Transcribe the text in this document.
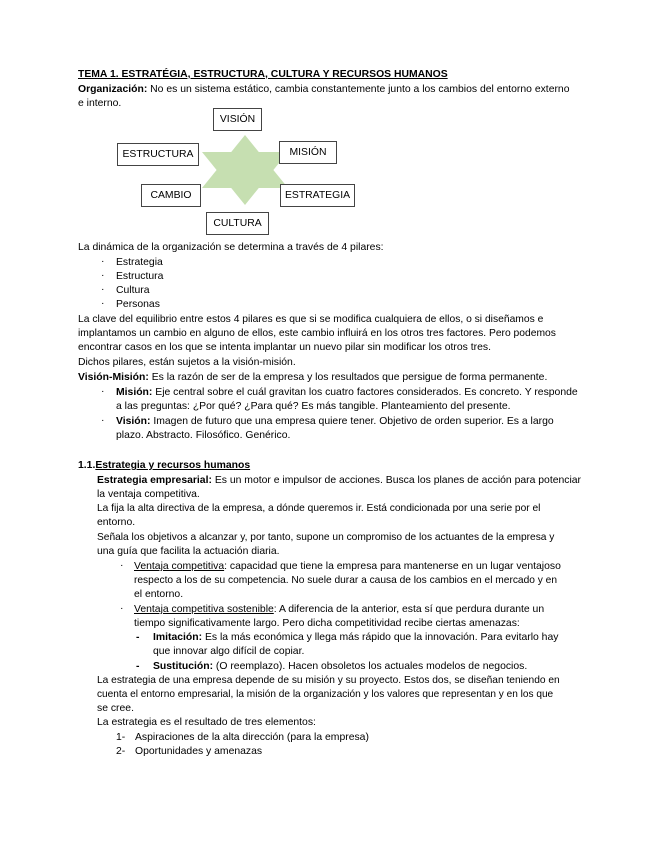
TEMA 1. ESTRATÉGIA, ESTRUCTURA, CULTURA Y RECURSOS HUMANOS
Organización: No es un sistema estático, cambia constantemente junto a los cambios del entorno externo
e interno.
VISIÓN
ESTRUCTURA	MISIÓN
CAMBIO	ESTRATEGIA
CULTURA
La dinámica de la organización se determina a través de 4 pilares:
· Estrategia
· Estructura
· Cultura
· Personas
La clave del equilibrio entre estos 4 pilares es que si se modifica cualquiera de ellos, o si diseñamos e
implantamos un cambio en alguno de ellos, este cambio influirá en los otros tres factores. Pero podemos
encontrar casos en los que se intenta implantar un nuevo pilar sin modificar los otros tres.
Dichos pilares, están sujetos a la visión-misión.
Visión-Misión: Es la razón de ser de la empresa y los resultados que persigue de forma permanente.
· Misión: Eje central sobre el cuál gravitan los cuatro factores considerados. Es concreto. Y responde
a las preguntas: ¿Por qué? ¿Para qué? Es más tangible. Planteamiento del presente.
· Visión: Imagen de futuro que una empresa quiere tener. Objetivo de orden superior. Es a largo
plazo. Abstracto. Filosófico. Genérico.
1.1.Estrategia y recursos humanos
Estrategia empresarial: Es un motor e impulsor de acciones. Busca los planes de acción para potenciar
la ventaja competitiva.
La fija la alta directiva de la empresa, a dónde queremos ir. Está condicionada por una serie por el
entorno.
Señala los objetivos a alcanzar y, por tanto, supone un compromiso de los actuantes de la empresa y
una guía que facilita la actuación diaria.
· Ventaja competitiva: capacidad que tiene la empresa para mantenerse en un lugar ventajoso
respecto a los de su competencia. No suele durar a causa de los cambios en el mercado y en
el entorno.
· Ventaja competitiva sostenible: A diferencia de la anterior, esta sí que perdura durante un
tiempo significativamente largo. Pero dicha competitividad recibe ciertas amenazas:
- Imitación: Es la más económica y llega más rápido que la innovación. Para evitarlo hay
que innovar algo difícil de copiar.
- Sustitución: (O reemplazo). Hacen obsoletos los actuales modelos de negocios.
La estrategia de una empresa depende de su misión y su proyecto. Estos dos, se diseñan teniendo en
cuenta el entorno empresarial, la misión de la organización y los valores que representan y en los que
se cree.
La estrategia es el resultado de tres elementos:
1- Aspiraciones de la alta dirección (para la empresa)
2- Oportunidades y amenazas
